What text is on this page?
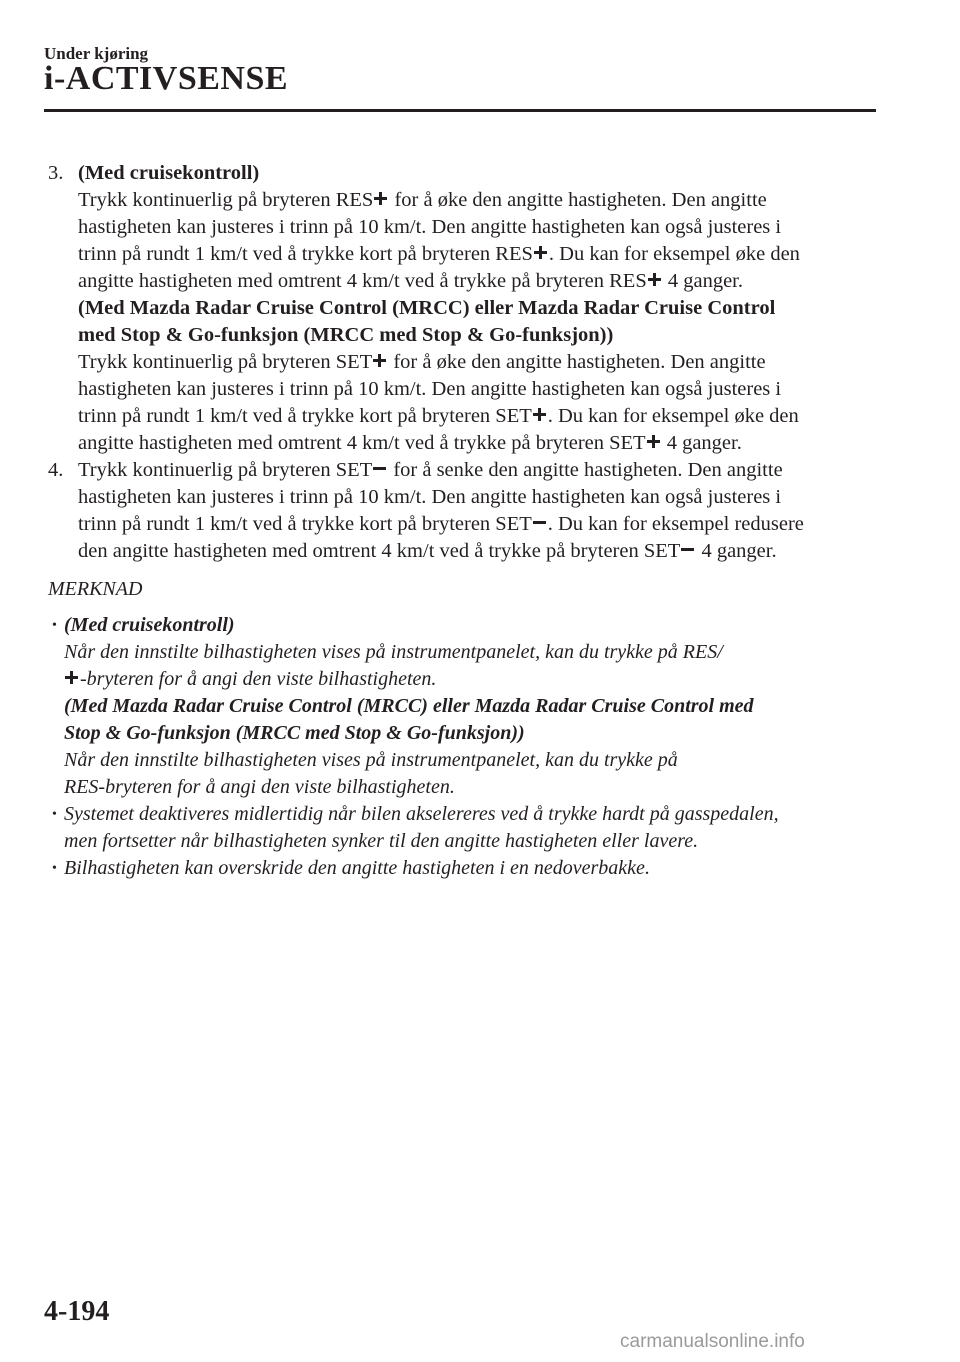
Under kjøring
i-ACTIVSENSE
3. (Med cruisekontroll)
Trykk kontinuerlig på bryteren RES
for å øke den angitte hastigheten. Den angitte
hastigheten kan justeres i trinn på 10 km/t. Den angitte hastigheten kan også justeres i
trinn på rundt 1 km/t ved å trykke kort på bryteren RES . Du kan for eksempel øke den
angitte hastigheten med omtrent 4 km/t ved å trykke på bryteren RES
4 ganger.
(Med Mazda Radar Cruise Control (MRCC) eller Mazda Radar Cruise Control
med Stop & Go-funksjon (MRCC med Stop & Go-funksjon))
Trykk kontinuerlig på bryteren SET
for å øke den angitte hastigheten. Den angitte
hastigheten kan justeres i trinn på 10 km/t. Den angitte hastigheten kan også justeres i
trinn på rundt 1 km/t ved å trykke kort på bryteren SET . Du kan for eksempel øke den
angitte hastigheten med omtrent 4 km/t ved å trykke på bryteren SET
4 ganger.
4. Trykk kontinuerlig på bryteren SET
for å senke den angitte hastigheten. Den angitte
hastigheten kan justeres i trinn på 10 km/t. Den angitte hastigheten kan også justeres i
trinn på rundt 1 km/t ved å trykke kort på bryteren SET . Du kan for eksempel redusere
den angitte hastigheten med omtrent 4 km/t ved å trykke på bryteren SET
4 ganger.
MERKNAD
• (Med cruisekontroll)
Når den innstilte bilhastigheten vises på instrumentpanelet, kan du trykke på RES/
-bryteren for å angi den viste bilhastigheten.
(Med Mazda Radar Cruise Control (MRCC) eller Mazda Radar Cruise Control med
Stop & Go-funksjon (MRCC med Stop & Go-funksjon))
Når den innstilte bilhastigheten vises på instrumentpanelet, kan du trykke på
RES-bryteren for å angi den viste bilhastigheten.
• Systemet deaktiveres midlertidig når bilen akselereres ved å trykke hardt på gasspedalen,
men fortsetter når bilhastigheten synker til den angitte hastigheten eller lavere.
• Bilhastigheten kan overskride den angitte hastigheten i en nedoverbakke.
4-194
carmanualsonline.info
